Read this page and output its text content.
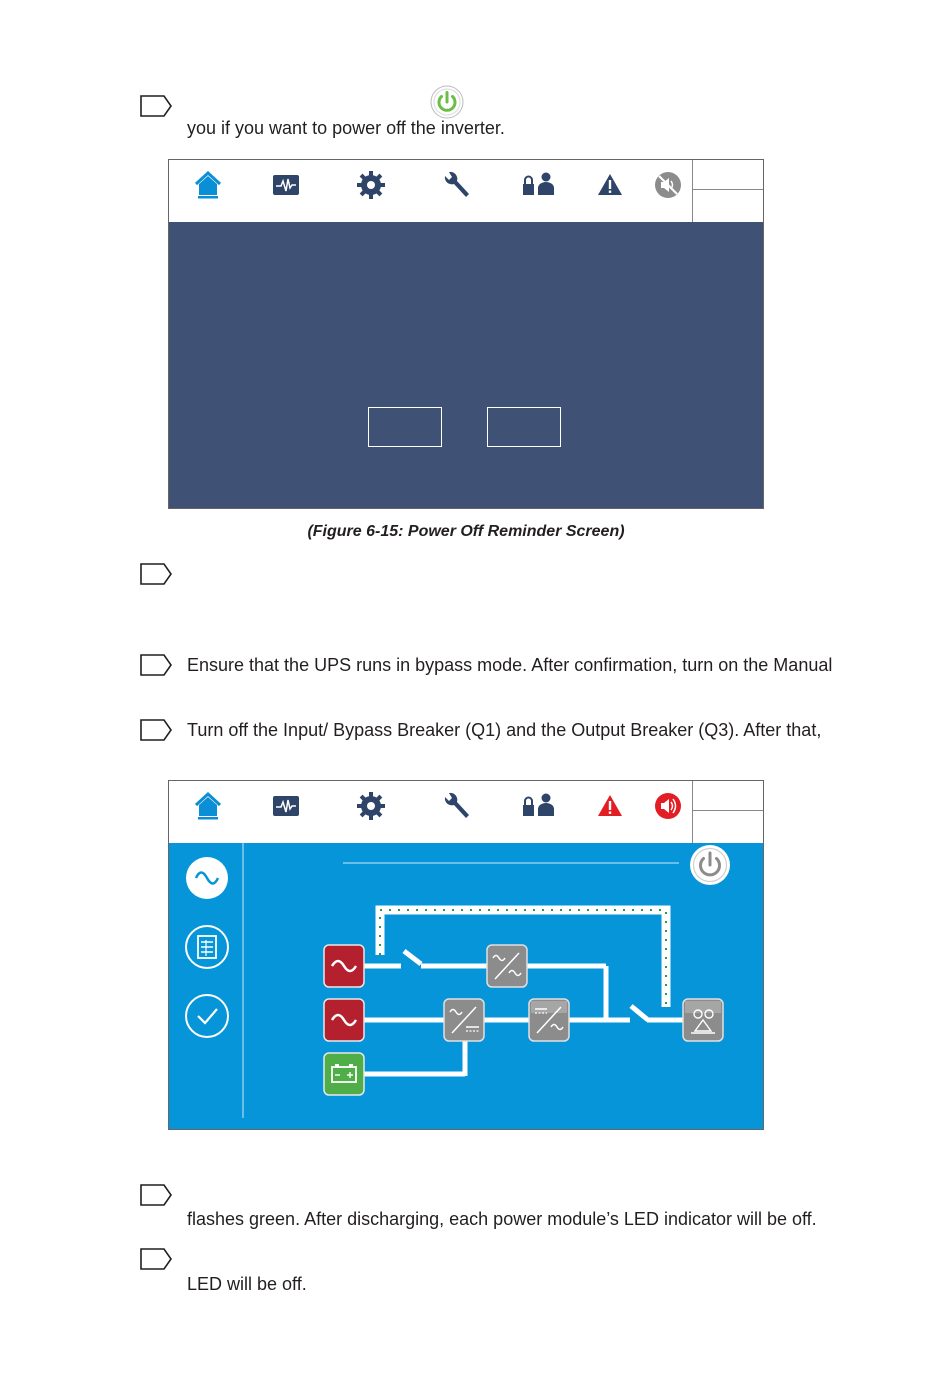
you if you want to power off the inverter.
(Figure 6-15: Power Off Reminder Screen)
Ensure that the UPS runs in bypass mode. After confirmation, turn on the Manual
Turn off the Input/ Bypass Breaker (Q1) and the Output Breaker (Q3). After that,
flashes green. After discharging, each power module’s LED indicator will be off.
LED will be off.
